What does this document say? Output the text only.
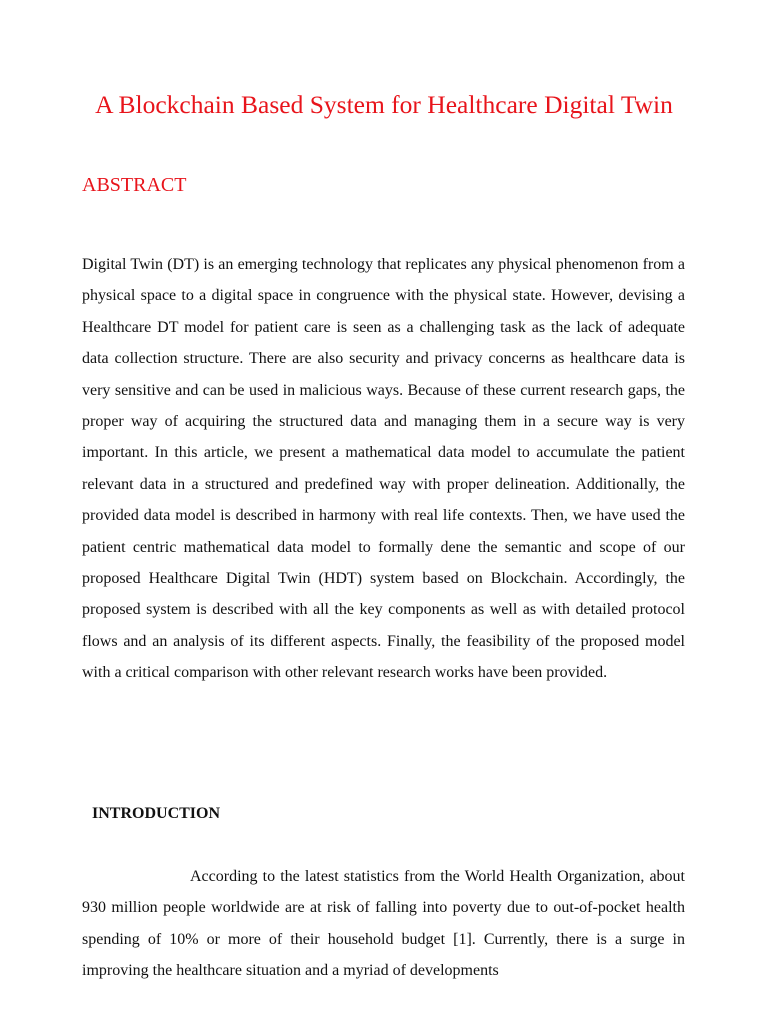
A Blockchain Based System for Healthcare Digital Twin
ABSTRACT

Digital Twin (DT) is an emerging technology that replicates any physical phenomenon from a physical space to a digital space in congruence with the physical state. However, devising a Healthcare DT model for patient care is seen as a challenging task as the lack of adequate data collection structure. There are also security and privacy concerns as healthcare data is very sensitive and can be used in malicious ways. Because of these current research gaps, the proper way of acquiring the structured data and managing them in a secure way is very important. In this article, we present a mathematical data model to accumulate the patient relevant data in a structured and predefined way with proper delineation. Additionally, the provided data model is described in harmony with real life contexts. Then, we have used the patient centric mathematical data model to formally dene the semantic and scope of our proposed Healthcare Digital Twin (HDT) system based on Blockchain. Accordingly, the proposed system is described with all the key components as well as with detailed protocol flows and an analysis of its different aspects. Finally, the feasibility of the proposed model with a critical comparison with other relevant research works have been provided.

INTRODUCTION

According to the latest statistics from the World Health Organization, about 930 million people worldwide are at risk of falling into poverty due to out-of-pocket health spending of 10% or more of their household budget [1]. Currently, there is a surge in improving the healthcare situation and a myriad of developments
